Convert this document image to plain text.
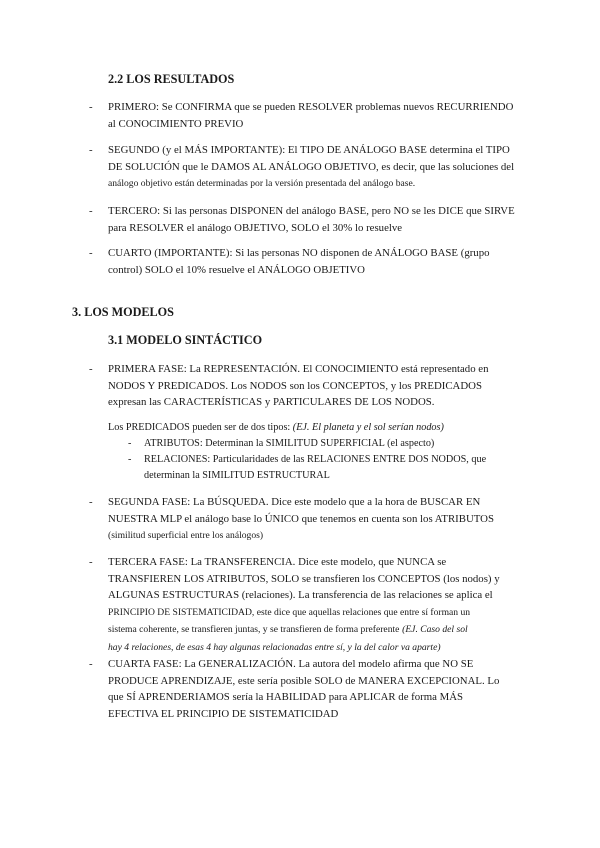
2.2 LOS RESULTADOS
- PRIMERO: Se CONFIRMA que se pueden RESOLVER problemas nuevos RECURRIENDO
al CONOCIMIENTO PREVIO
- SEGUNDO (y el MÁS IMPORTANTE): El TIPO DE ANÁLOGO BASE determina el TIPO
DE SOLUCIÓN que le DAMOS AL ANÁLOGO OBJETIVO, es decir, que las soluciones del
análogo objetivo están determinadas por la versión presentada del análogo base.
- TERCERO: Si las personas DISPONEN del análogo BASE, pero NO se les DICE que SIRVE
para RESOLVER el análogo OBJETIVO, SOLO el 30% lo resuelve
- CUARTO (IMPORTANTE): Si las personas NO disponen de ANÁLOGO BASE (grupo
control) SOLO el 10% resuelve el ANÁLOGO OBJETIVO
3. LOS MODELOS
3.1 MODELO SINTÁCTICO
- PRIMERA FASE: La REPRESENTACIÓN. El CONOCIMIENTO está representado en
NODOS Y PREDICADOS. Los NODOS son los CONCEPTOS, y los PREDICADOS
expresan las CARACTERÍSTICAS y PARTICULARES DE LOS NODOS.
Los PREDICADOS pueden ser de dos tipos: (EJ. El planeta y el sol serían nodos)
- ATRIBUTOS: Determinan la SIMILITUD SUPERFICIAL (el aspecto)
- RELACIONES: Particularidades de las RELACIONES ENTRE DOS NODOS, que
determinan la SIMILITUD ESTRUCTURAL
- SEGUNDA FASE: La BÚSQUEDA. Dice este modelo que a la hora de BUSCAR EN
NUESTRA MLP el análogo base lo ÚNICO que tenemos en cuenta son los ATRIBUTOS
(similitud superficial entre los análogos)
- TERCERA FASE: La TRANSFERENCIA. Dice este modelo, que NUNCA se
TRANSFIEREN LOS ATRIBUTOS, SOLO se transfieren los CONCEPTOS (los nodos) y
ALGUNAS ESTRUCTURAS (relaciones). La transferencia de las relaciones se aplica el
PRINCIPIO DE SISTEMATICIDAD, este dice que aquellas relaciones que entre sí forman un
sistema coherente, se transfieren juntas, y se transfieren de forma preferente (EJ. Caso del sol
hay 4 relaciones, de esas 4 hay algunas relacionadas entre sí, y la del calor va aparte)
- CUARTA FASE: La GENERALIZACIÓN. La autora del modelo afirma que NO SE
PRODUCE APRENDIZAJE, este sería posible SOLO de MANERA EXCEPCIONAL. Lo
que SÍ APRENDERIAMOS sería la HABILIDAD para APLICAR de forma MÁS
EFECTIVA EL PRINCIPIO DE SISTEMATICIDAD
